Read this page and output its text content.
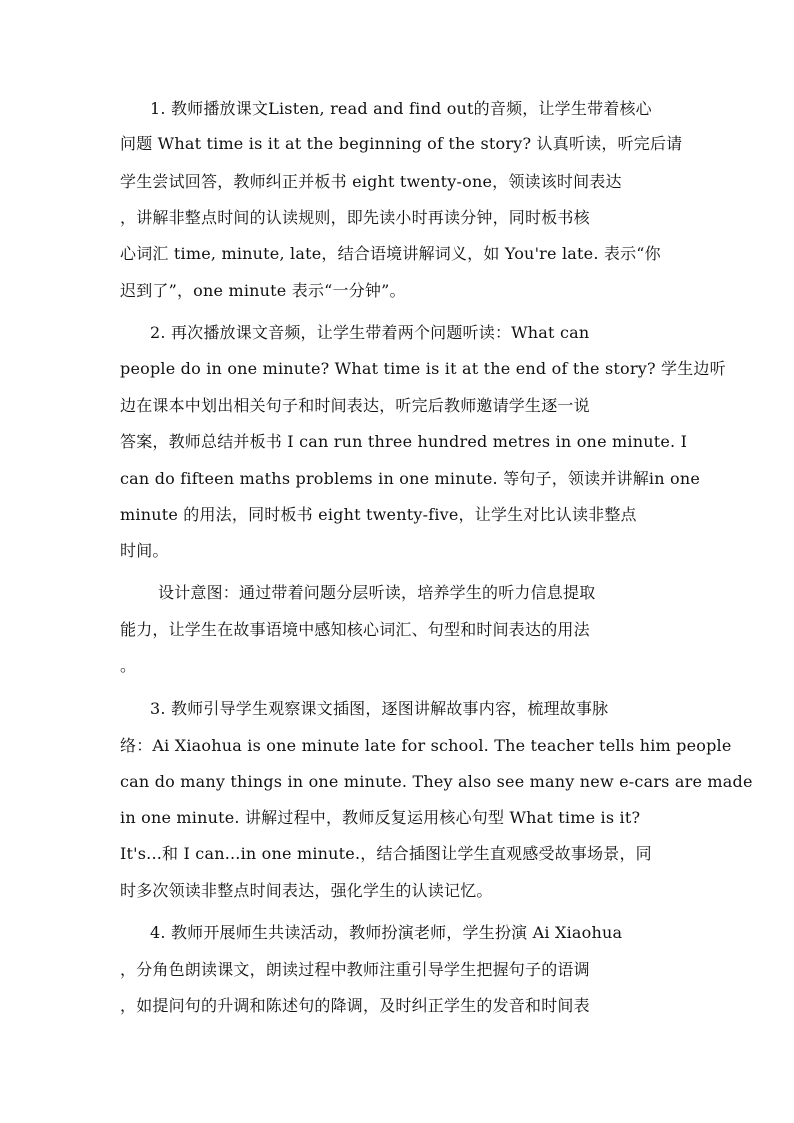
1. 教师播放课文Listen, read and find out的音频，让学生带着核心
问题 What time is it at the beginning of the story? 认真听读，听完后请
学生尝试回答，教师纠正并板书 eight twenty-one，领读该时间表达
，讲解非整点时间的认读规则，即先读小时再读分钟，同时板书核
心词汇 time, minute, late，结合语境讲解词义，如 You're late. 表示“你
迟到了”，one minute 表示“一分钟”。
2. 再次播放课文音频，让学生带着两个问题听读：What can
people do in one minute? What time is it at the end of the story? 学生边听
边在课本中划出相关句子和时间表达，听完后教师邀请学生逐一说
答案，教师总结并板书 I can run three hundred metres in one minute. I
can do fifteen maths problems in one minute. 等句子，领读并讲解in one
minute 的用法，同时板书 eight twenty-five，让学生对比认读非整点
时间。
设计意图：通过带着问题分层听读，培养学生的听力信息提取
能力，让学生在故事语境中感知核心词汇、句型和时间表达的用法
。
3. 教师引导学生观察课文插图，逐图讲解故事内容，梳理故事脉
络：Ai Xiaohua is one minute late for school. The teacher tells him people
can do many things in one minute. They also see many new e-cars are made
in one minute. 讲解过程中，教师反复运用核心句型 What time is it?
It's...和 I can...in one minute.，结合插图让学生直观感受故事场景，同
时多次领读非整点时间表达，强化学生的认读记忆。
4. 教师开展师生共读活动，教师扮演老师，学生扮演 Ai Xiaohua
，分角色朗读课文，朗读过程中教师注重引导学生把握句子的语调
，如提问句的升调和陈述句的降调，及时纠正学生的发音和时间表
